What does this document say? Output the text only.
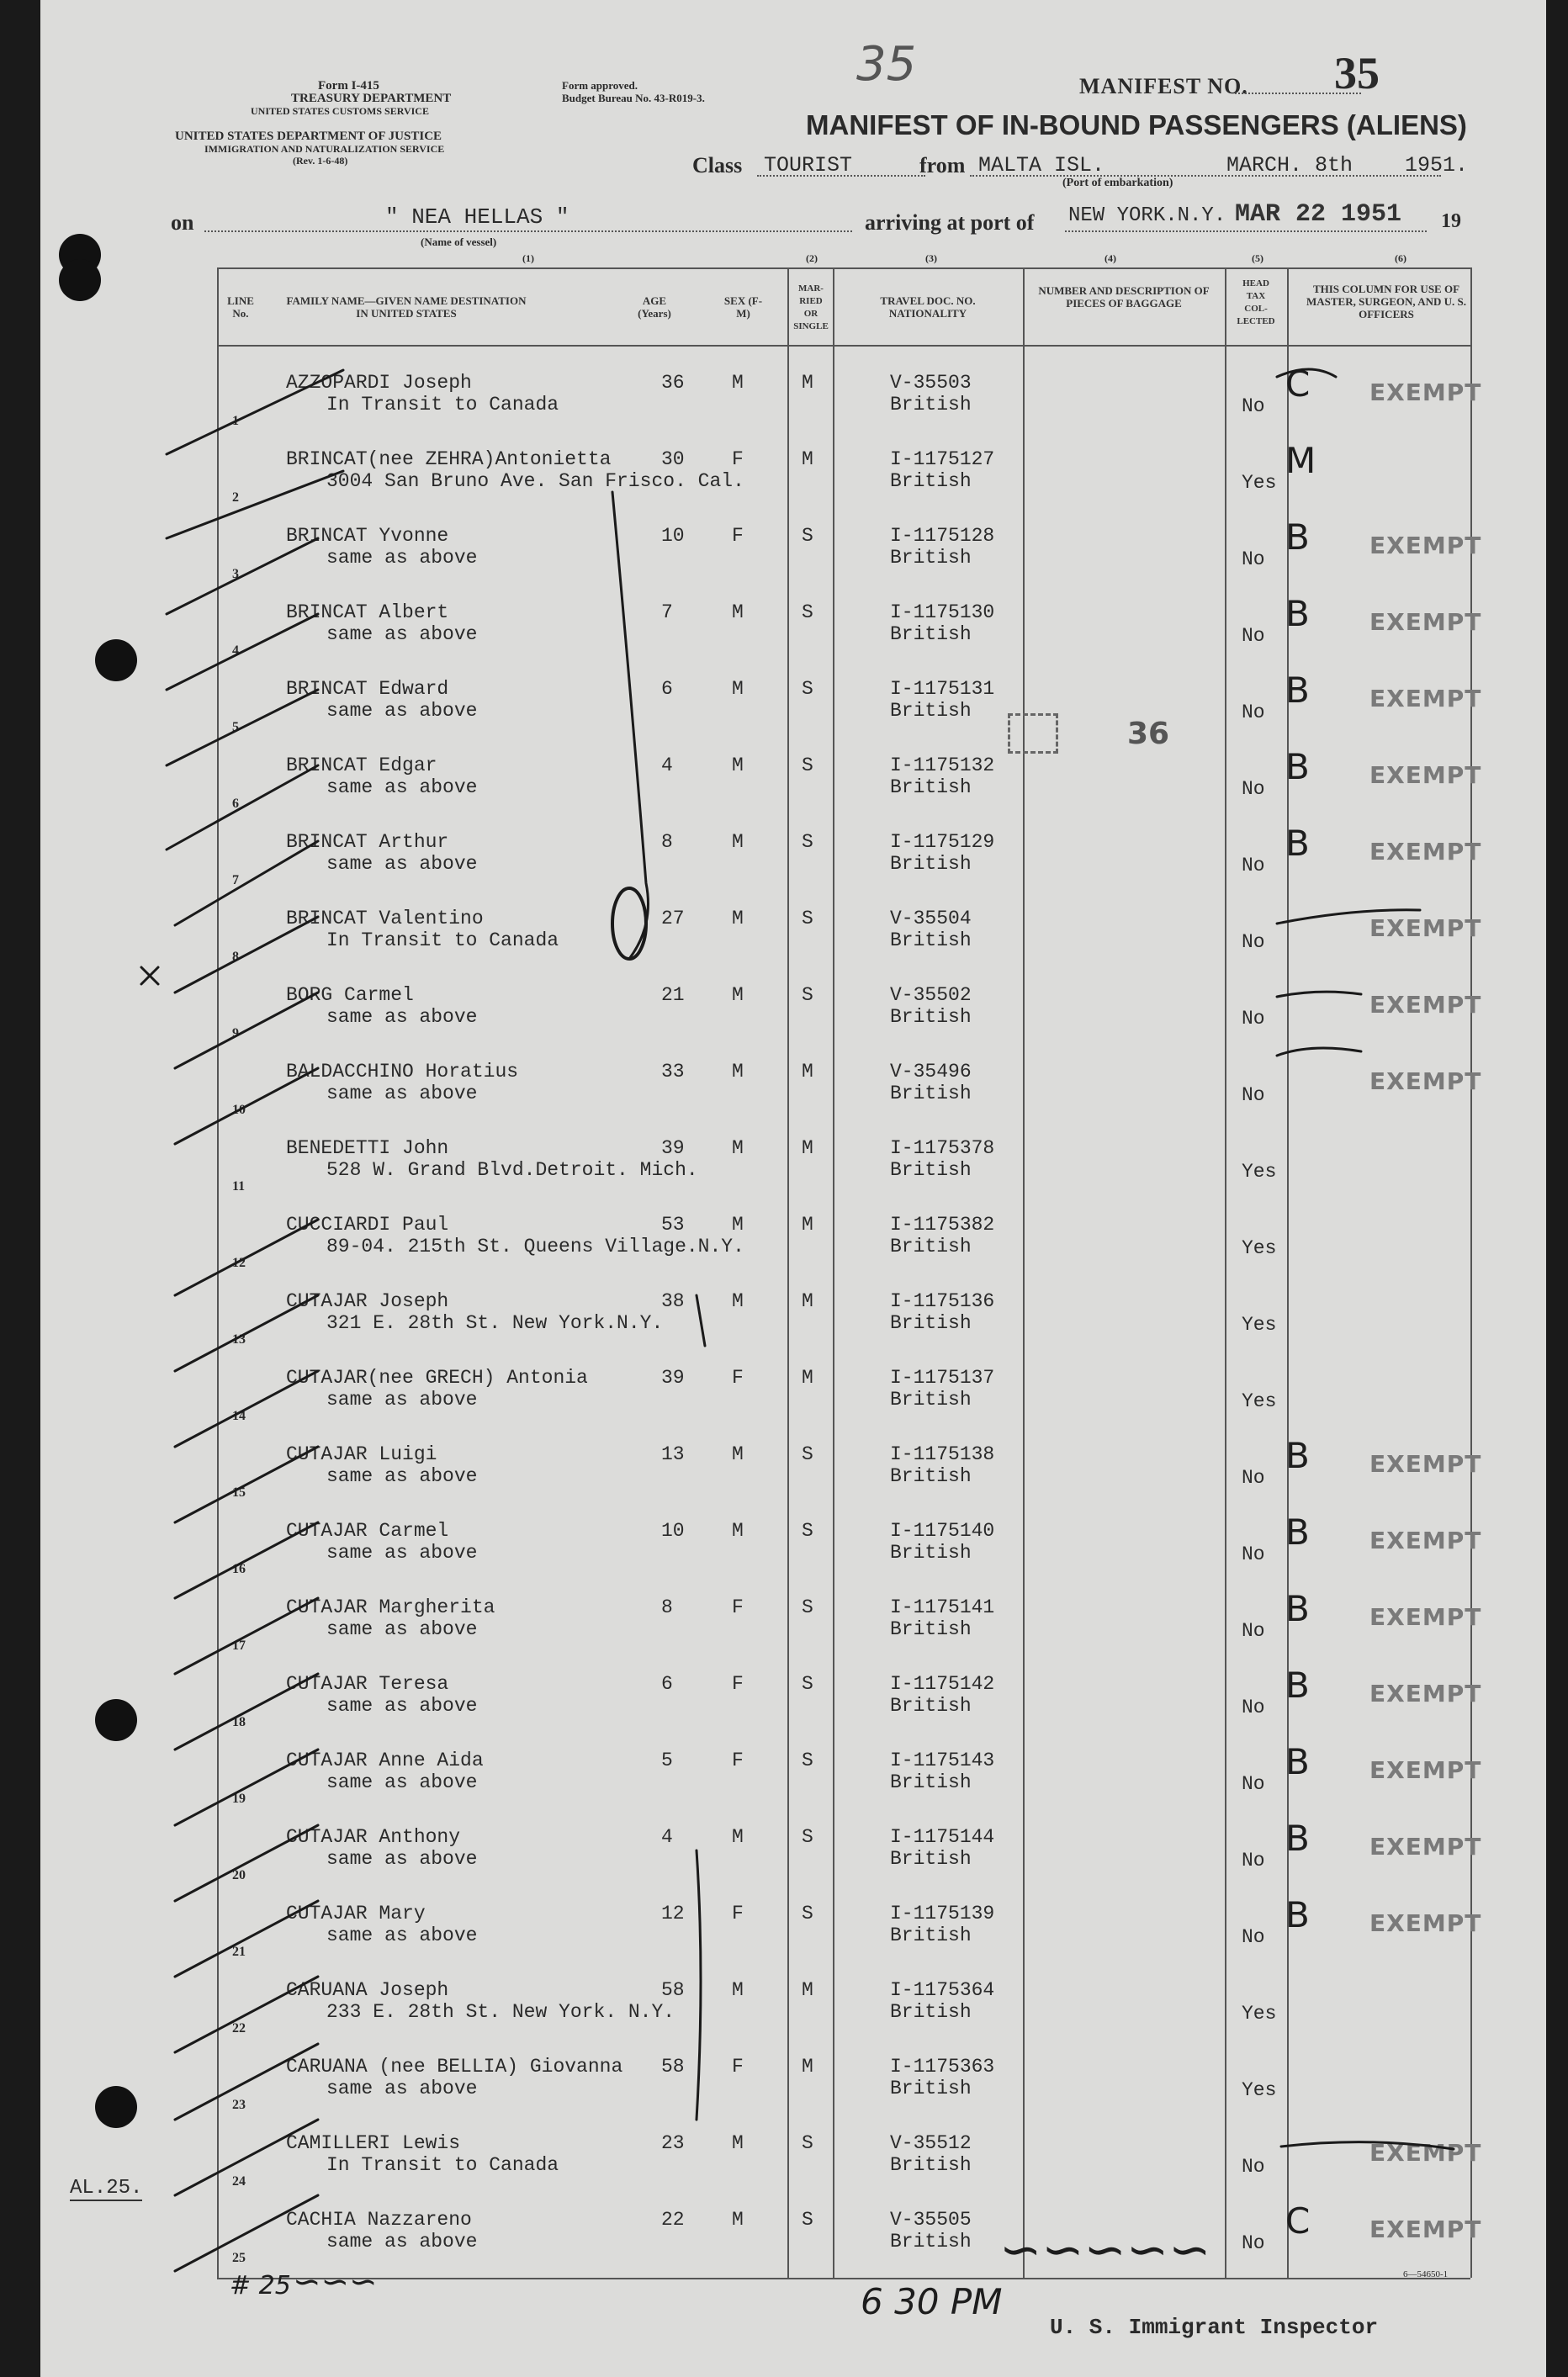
Form I-415
TREASURY DEPARTMENT
UNITED STATES CUSTOMS SERVICE
Form approved.
Budget Bureau No. 43-R019-3.
UNITED STATES DEPARTMENT OF JUSTICE
IMMIGRATION AND NATURALIZATION SERVICE
(Rev. 1-6-48)
35	MANIFEST NO. 35
MANIFEST OF IN-BOUND PASSENGERS (ALIENS)
Class TOURIST	from MALTA ISL.	MARCH. 8th 1951.
(Port of embarkation)
on	" NEA HELLAS "
(Name of vessel)
arriving at port of NEW YORK.N.Y. MAR 22 1951 19
(1)	(2)	(3)	(4)	(5)	(6)
LINE No.
FAMILY NAME—GIVEN NAME DESTINATION IN UNITED STATES
AGE (Years)
SEX (F-M)
MAR- RIED OR SINGLE
TRAVEL DOC. NO. NATIONALITY
NUMBER AND DESCRIPTION OF PIECES OF BAGGAGE
HEAD TAX COL- LECTED
THIS COLUMN FOR USE OF MASTER, SURGEON, AND U. S. OFFICERS
1
AZZOPARDI Joseph
In Transit to Canada
36 M	M	V-35503
British	No
C	EXEMPT
2
BRINCAT(nee ZEHRA)Antonietta
3004 San Bruno Ave. San Frisco. Cal.
30 F	M	I-1175127
British	Yes
M
3
BRINCAT Yvonne
same as above
10 F	S	I-1175128
British	No
B	EXEMPT
4
BRINCAT Albert
same as above
7	M	S	I-1175130
British	No
B	EXEMPT
5
BRINCAT Edward
same as above
6	M	S	I-1175131
British	No
B	EXEMPT
6
BRINCAT Edgar
same as above
4	M	S	I-1175132
British	No
B	EXEMPT
7
BRINCAT Arthur
same as above
8	M	S	I-1175129
British	No
B	EXEMPT
8
BRINCAT Valentino
In Transit to Canada
27 M	S	V-35504
British	No	EXEMPT
9
BORG Carmel
same as above
21 M	S	V-35502
British	No	EXEMPT
10
BALDACCHINO Horatius
same as above
33 M	M	V-35496
British	No	EXEMPT
11
BENEDETTI John
528 W. Grand Blvd.Detroit. Mich.
39 M	M	I-1175378
British	Yes
12
CUCCIARDI Paul
89-04. 215th St. Queens Village.N.Y.
53 M	M	I-1175382
British	Yes
13
CUTAJAR Joseph
321 E. 28th St. New York.N.Y.
38 M	M	I-1175136
British	Yes
14
CUTAJAR(nee GRECH) Antonia
same as above
39 F	M	I-1175137
British	Yes
15
CUTAJAR Luigi
same as above
13 M	S	I-1175138
British	No
B	EXEMPT
16
CUTAJAR Carmel
same as above
10 M	S	I-1175140
British	No
B	EXEMPT
17
CUTAJAR Margherita
same as above
8	F	S	I-1175141
British	No
B	EXEMPT
18
CUTAJAR Teresa
same as above
6	F	S	I-1175142
British	No
B	EXEMPT
19
CUTAJAR Anne Aida
same as above
5	F	S	I-1175143
British	No
B	EXEMPT
20
CUTAJAR Anthony
same as above
4	M	S	I-1175144
British	No
B	EXEMPT
21
CUTAJAR Mary
same as above
12 F	S	I-1175139
British	No
B	EXEMPT
22
CARUANA Joseph
233 E. 28th St. New York. N.Y.
58 M	M	I-1175364
British	Yes
23
CARUANA (nee BELLIA) Giovanna
same as above
58 F	M	I-1175363
British	Yes
24
CAMILLERI Lewis
In Transit to Canada
23 M	S	V-35512
British	No	EXEMPT
25
CACHIA Nazzareno
same as above
22 M	S	V-35505
British	No
C	EXEMPT
36
AL.25.
# 25 ∽∽∽	6 30 PM
∽∽∽∽∽
U. S. Immigrant Inspector
6—54650-1
